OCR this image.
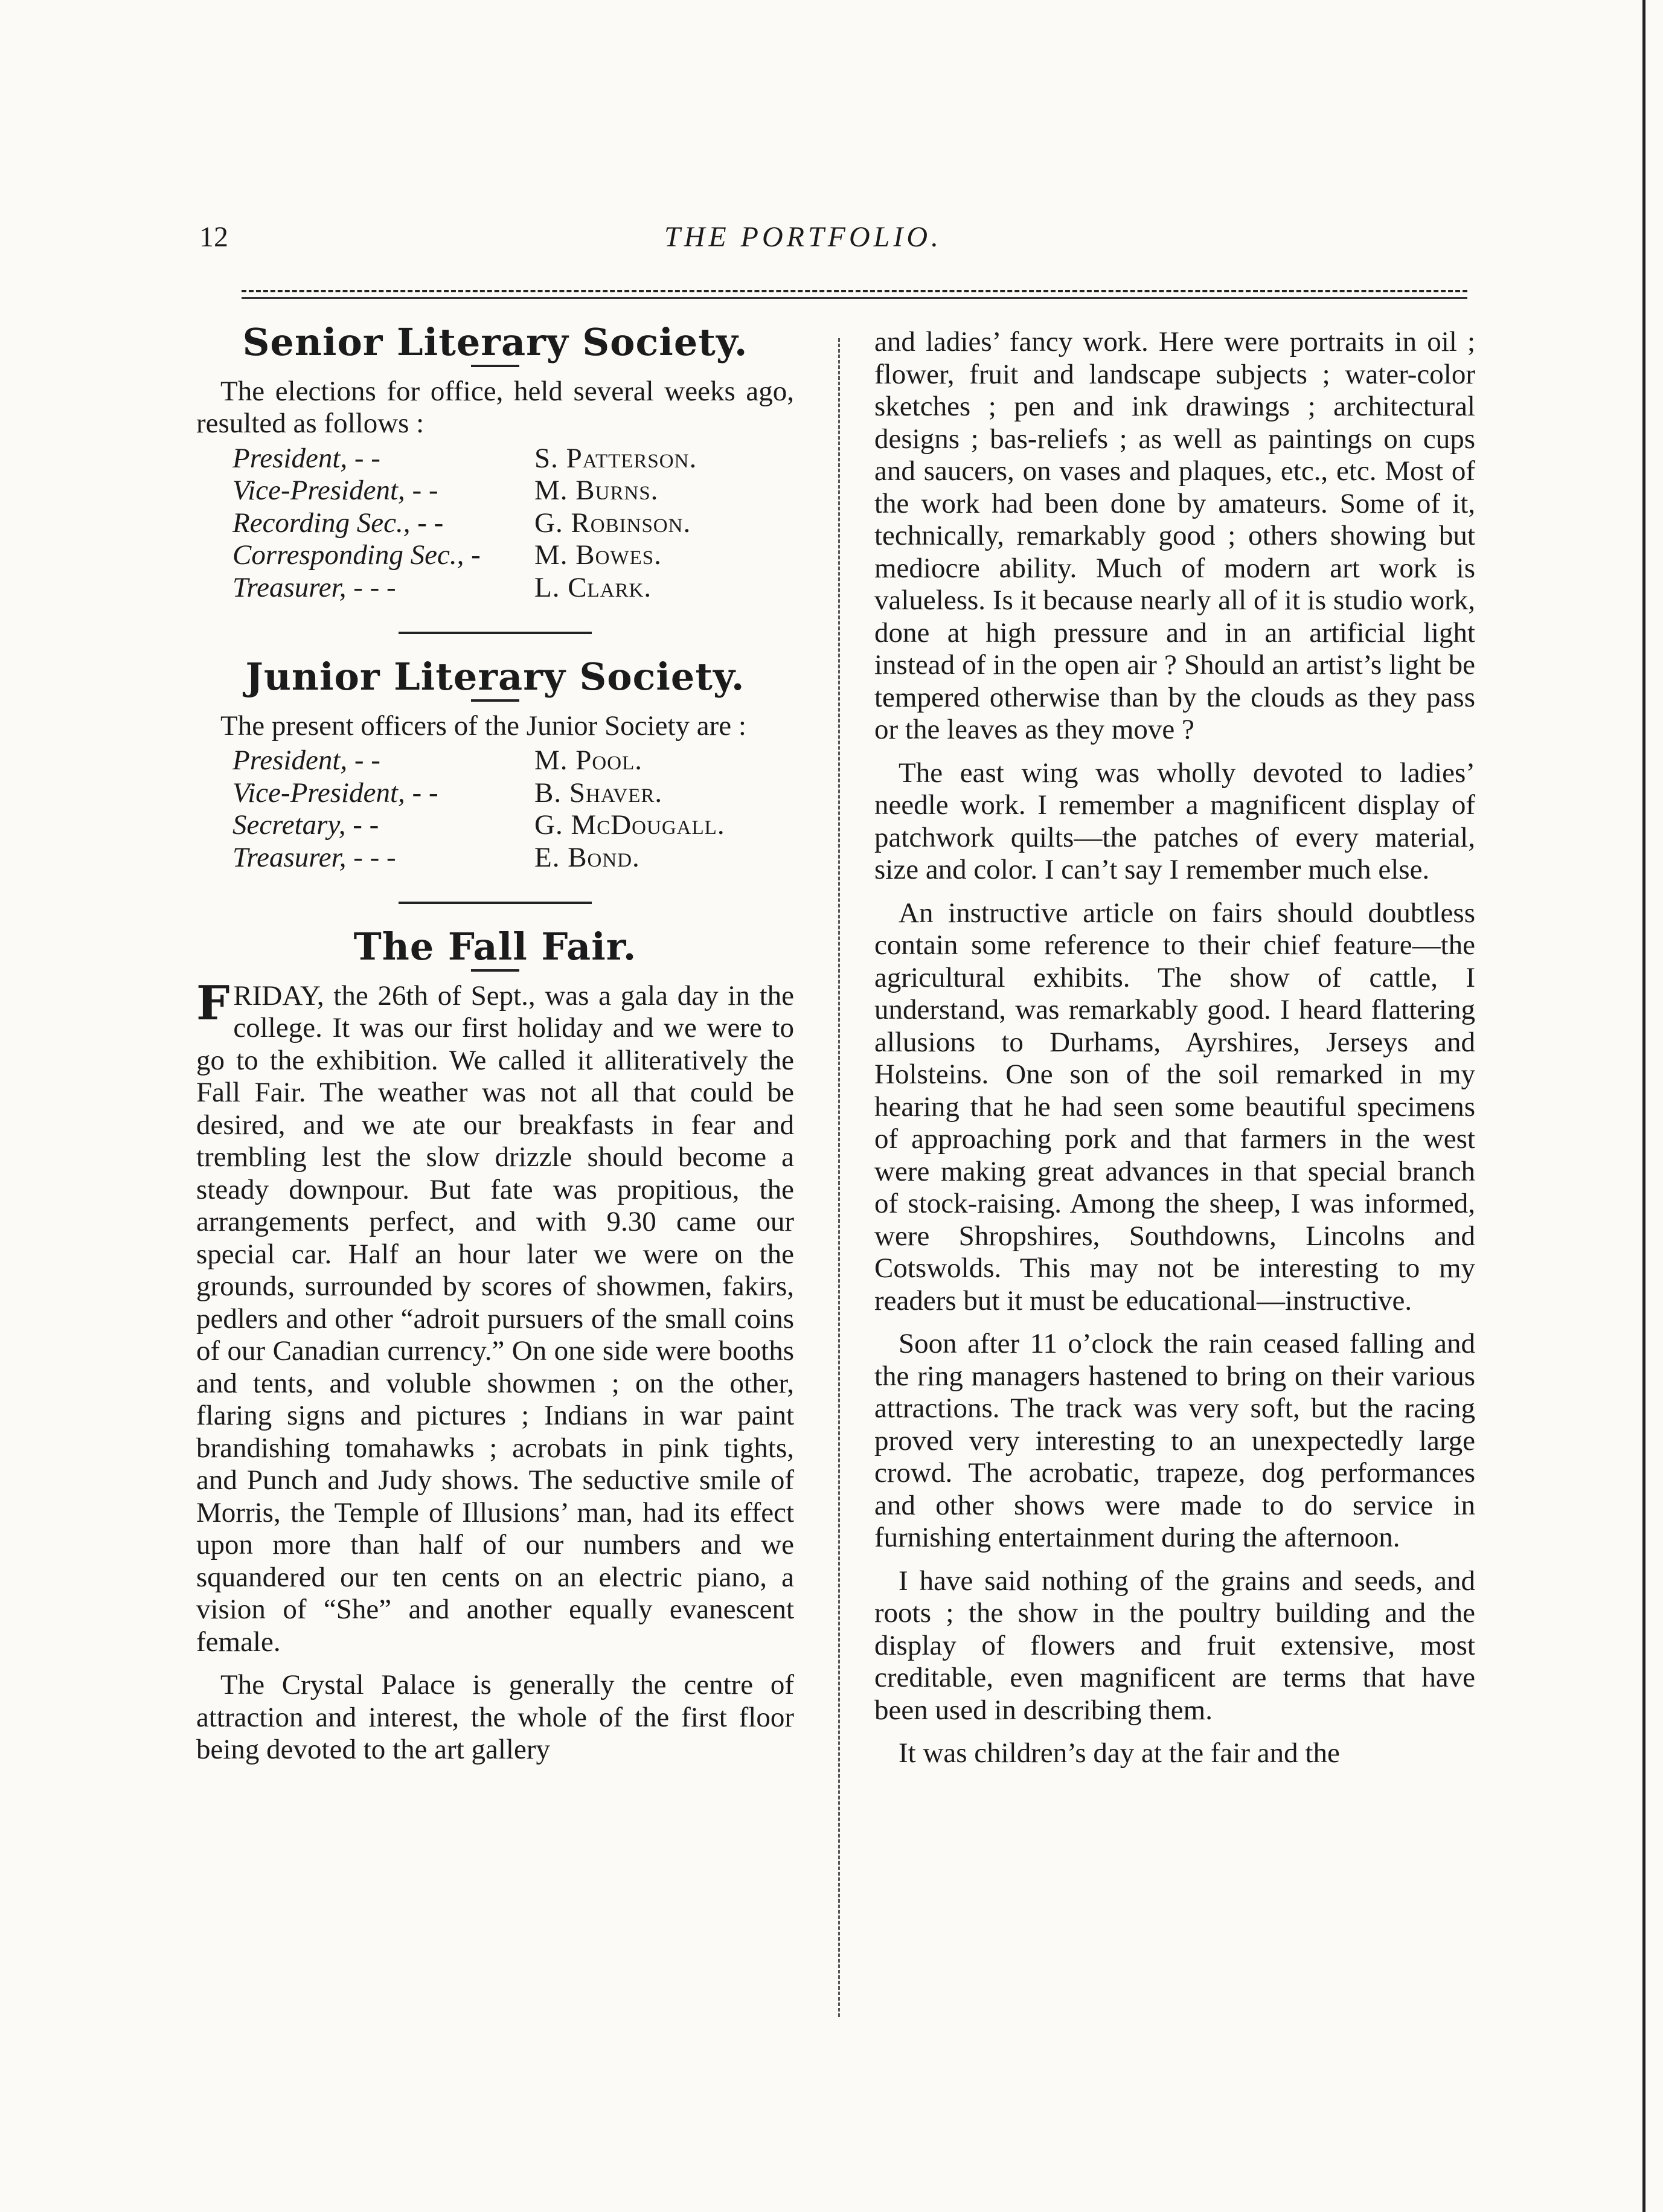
12	THE PORTFOLIO.
Senior Literary Society.

The elections for office, held several weeks ago, resulted as follows :

President, - -	S. Patterson.
Vice-President, - -	M. Burns.
Recording Sec., - -	G. Robinson.
Corresponding Sec., -	M. Bowes.
Treasurer, - - -	L. Clark.
Junior Literary Society.

The present officers of the Junior Society are :

President, - -	M. Pool.
Vice-President, - -	B. Shaver.
Secretary, - -	G. McDougall.
Treasurer, - - -	E. Bond.
The Fall Fair.

FRIDAY, the 26th of Sept., was a gala day in the college. It was our first holiday and we were to go to the exhibition. We called it alliteratively the Fall Fair. The weather was not all that could be desired, and we ate our breakfasts in fear and trembling lest the slow drizzle should become a steady downpour. But fate was propitious, the arrangements perfect, and with 9.30 came our special car. Half an hour later we were on the grounds, surrounded by scores of showmen, fakirs, pedlers and other “adroit pursuers of the small coins of our Canadian currency.” On one side were booths and tents, and voluble showmen ; on the other, flaring signs and pictures ; Indians in war paint brandishing tomahawks ; acrobats in pink tights, and Punch and Judy shows. The seductive smile of Morris, the Temple of Illusions’ man, had its effect upon more than half of our numbers and we squandered our ten cents on an electric piano, a vision of “She” and another equally evanescent female.

The Crystal Palace is generally the centre of attraction and interest, the whole of the first floor being devoted to the art gallery

and ladies’ fancy work. Here were portraits in oil ; flower, fruit and landscape subjects ; water-color sketches ; pen and ink drawings ; architectural designs ; bas-reliefs ; as well as paintings on cups and saucers, on vases and plaques, etc., etc. Most of the work had been done by amateurs. Some of it, technically, remarkably good ; others showing but mediocre ability. Much of modern art work is valueless. Is it because nearly all of it is studio work, done at high pressure and in an artificial light instead of in the open air ? Should an artist’s light be tempered otherwise than by the clouds as they pass or the leaves as they move ?

The east wing was wholly devoted to ladies’ needle work. I remember a magnificent display of patchwork quilts—the patches of every material, size and color. I can’t say I remember much else.

An instructive article on fairs should doubtless contain some reference to their chief feature—the agricultural exhibits. The show of cattle, I understand, was remarkably good. I heard flattering allusions to Durhams, Ayrshires, Jerseys and Holsteins. One son of the soil remarked in my hearing that he had seen some beautiful specimens of approaching pork and that farmers in the west were making great advances in that special branch of stock-raising. Among the sheep, I was informed, were Shropshires, Southdowns, Lincolns and Cotswolds. This may not be interesting to my readers but it must be educational—instructive.

Soon after 11 o’clock the rain ceased falling and the ring managers hastened to bring on their various attractions. The track was very soft, but the racing proved very interesting to an unexpectedly large crowd. The acrobatic, trapeze, dog performances and other shows were made to do service in furnishing entertainment during the afternoon.

I have said nothing of the grains and seeds, and roots ; the show in the poultry building and the display of flowers and fruit extensive, most creditable, even magnificent are terms that have been used in describing them.

It was children’s day at the fair and the
